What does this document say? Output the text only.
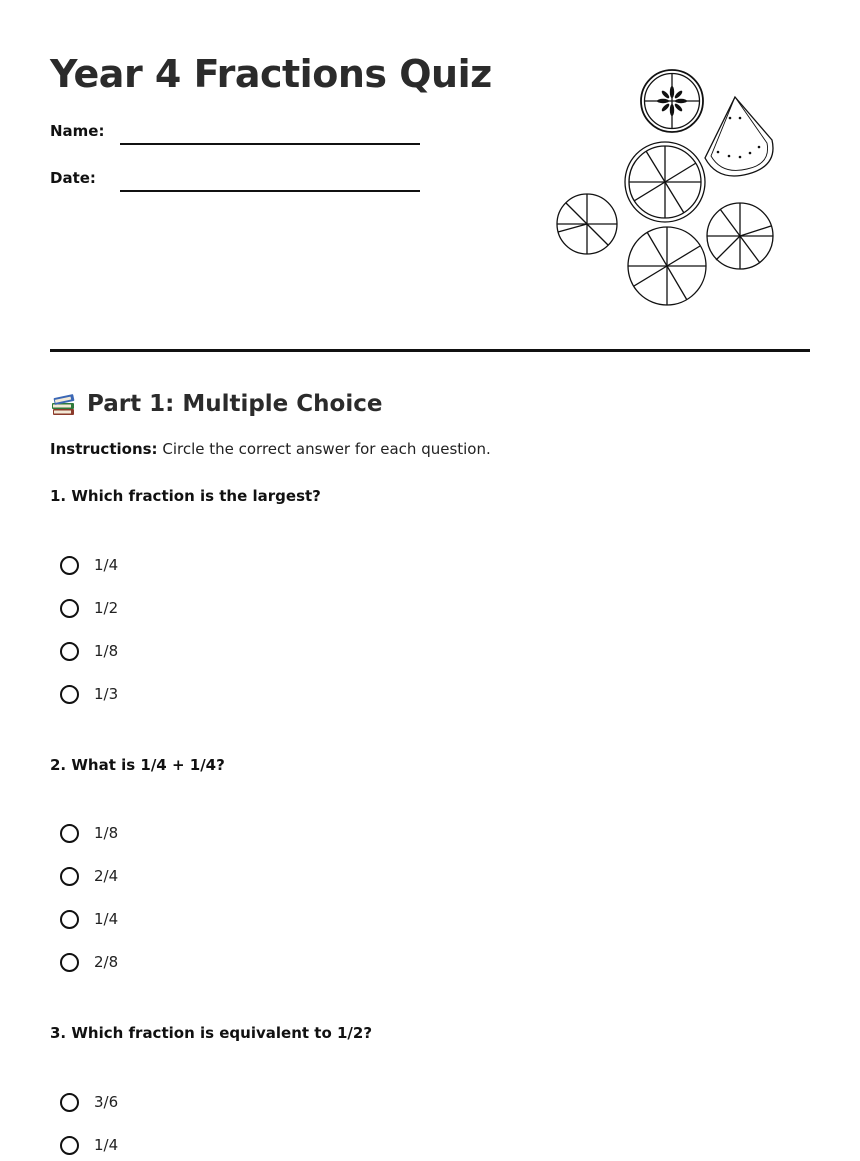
Year 4 Fractions Quiz
Name:
Date:
Part 1: Multiple Choice
Instructions: Circle the correct answer for each question.
1. Which fraction is the largest?
1/4
1/2
1/8
1/3
2. What is 1/4 + 1/4?
1/8
2/4
1/4
2/8
3. Which fraction is equivalent to 1/2?
3/6
1/4
